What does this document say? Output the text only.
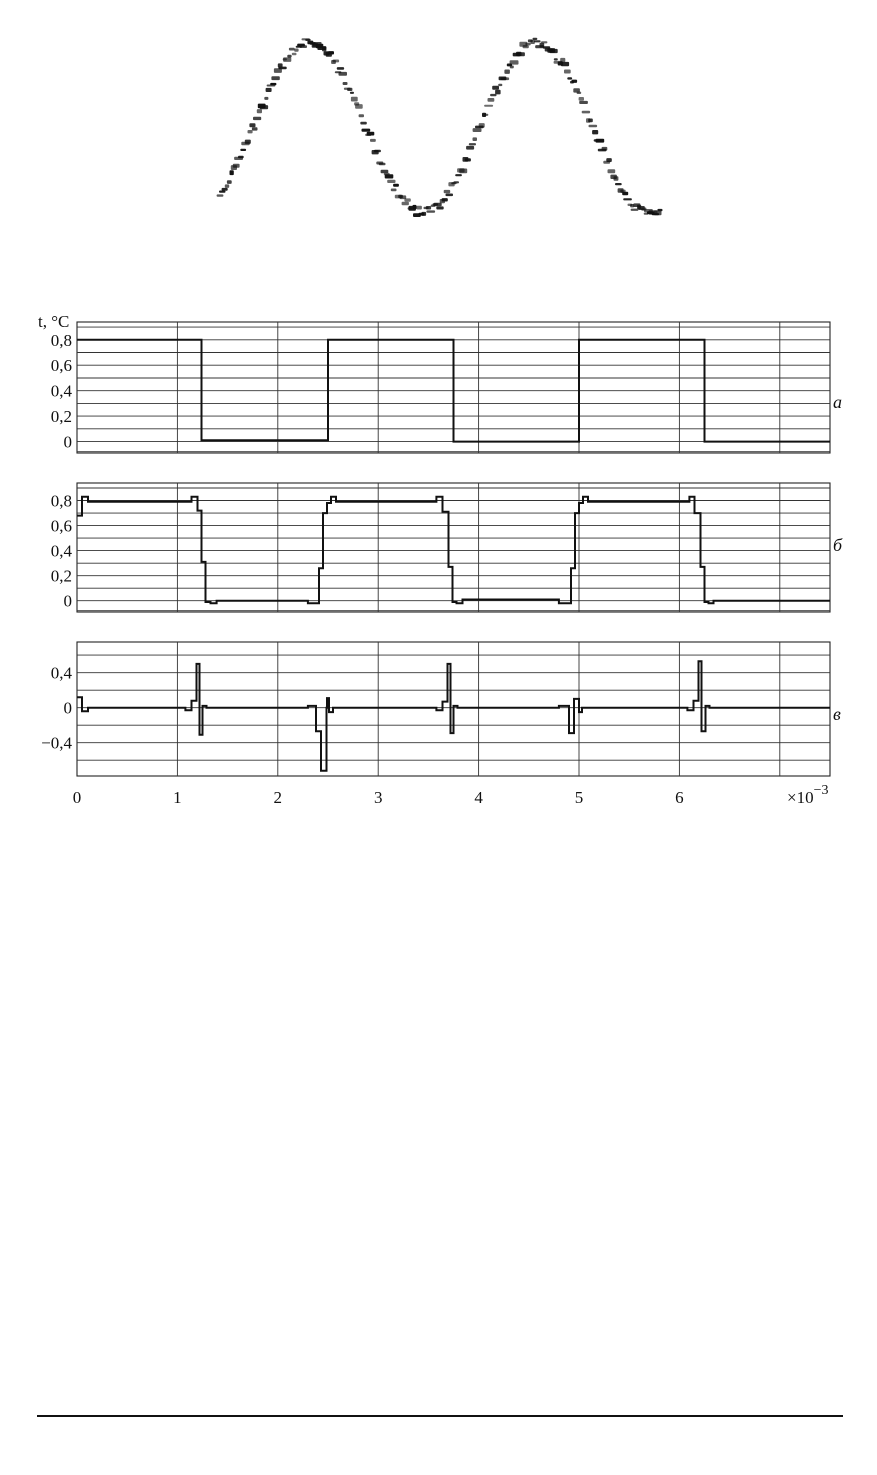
t, °C
а
0
0,2
0,4
0,6
0,8
б
0
0,2
0,4
0,6
0,8
в
$\times 10^{-3}$
−0,4
0
0,4
0	1	2	3	4	5	6
